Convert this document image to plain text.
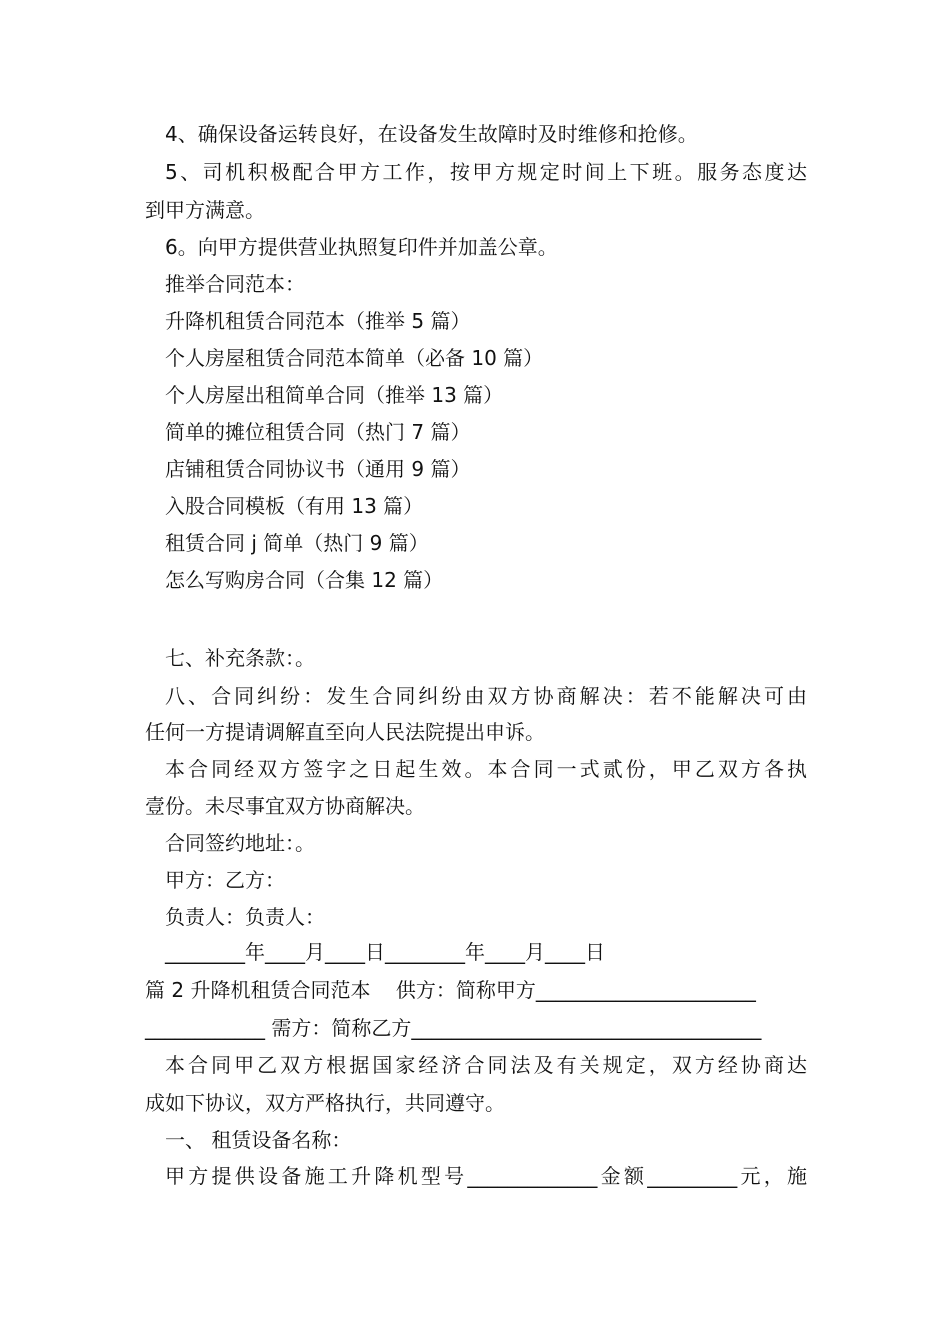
4、确保设备运转良好，在设备发生故障时及时维修和抢修。
5、司机积极配合甲方工作，按甲方规定时间上下班。服务态度达
到甲方满意。
6。向甲方提供营业执照复印件并加盖公章。
推举合同范本：
升降机租赁合同范本（推举 5 篇）
个人房屋租赁合同范本简单（必备 10 篇）
个人房屋出租简单合同（推举 13 篇）
简单的摊位租赁合同（热门 7 篇）
店铺租赁合同协议书（通用 9 篇）
入股合同模板（有用 13 篇）
租赁合同 j 简单（热门 9 篇）
怎么写购房合同（合集 12 篇）
七、补充条款：。
八、合同纠纷：发生合同纠纷由双方协商解决：若不能解决可由
任何一方提请调解直至向人民法院提出申诉。
本合同经双方签字之日起生效。本合同一式贰份，甲乙双方各执
壹份。未尽事宜双方协商解决。
合同签约地址：。
甲方：乙方：
负责人：负责人：
________年____月____日________年____月____日
篇 2 升降机租赁合同范本    供方：简称甲方______________________
____________ 需方：简称乙方___________________________________
本合同甲乙双方根据国家经济合同法及有关规定，双方经协商达
成如下协议，双方严格执行，共同遵守。
一、 租赁设备名称：
甲方提供设备施工升降机型号_____________金额_________元，施
